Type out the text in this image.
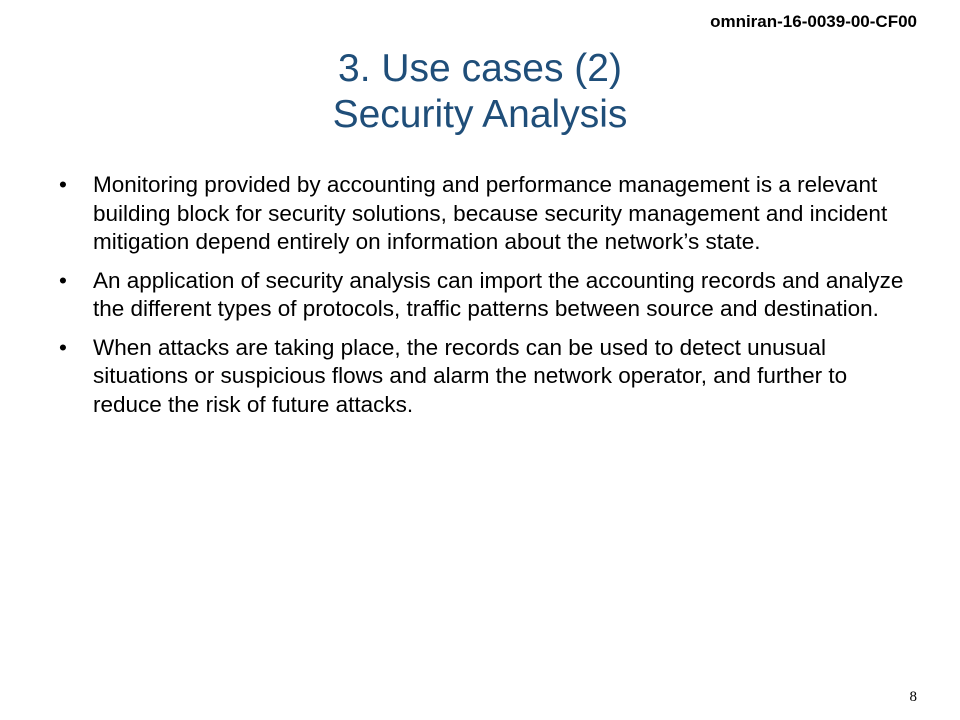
omniran-16-0039-00-CF00
3. Use cases (2)
Security Analysis
• Monitoring provided by accounting and performance management is a relevant building block for security solutions, because security management and incident mitigation depend entirely on information about the network’s state.
• An application of security analysis can import the accounting records and analyze the different types of protocols, traffic patterns between source and destination.
• When attacks are taking place, the records can be used to detect unusual situations or suspicious flows and alarm the network operator, and further to reduce the risk of future attacks.
8
